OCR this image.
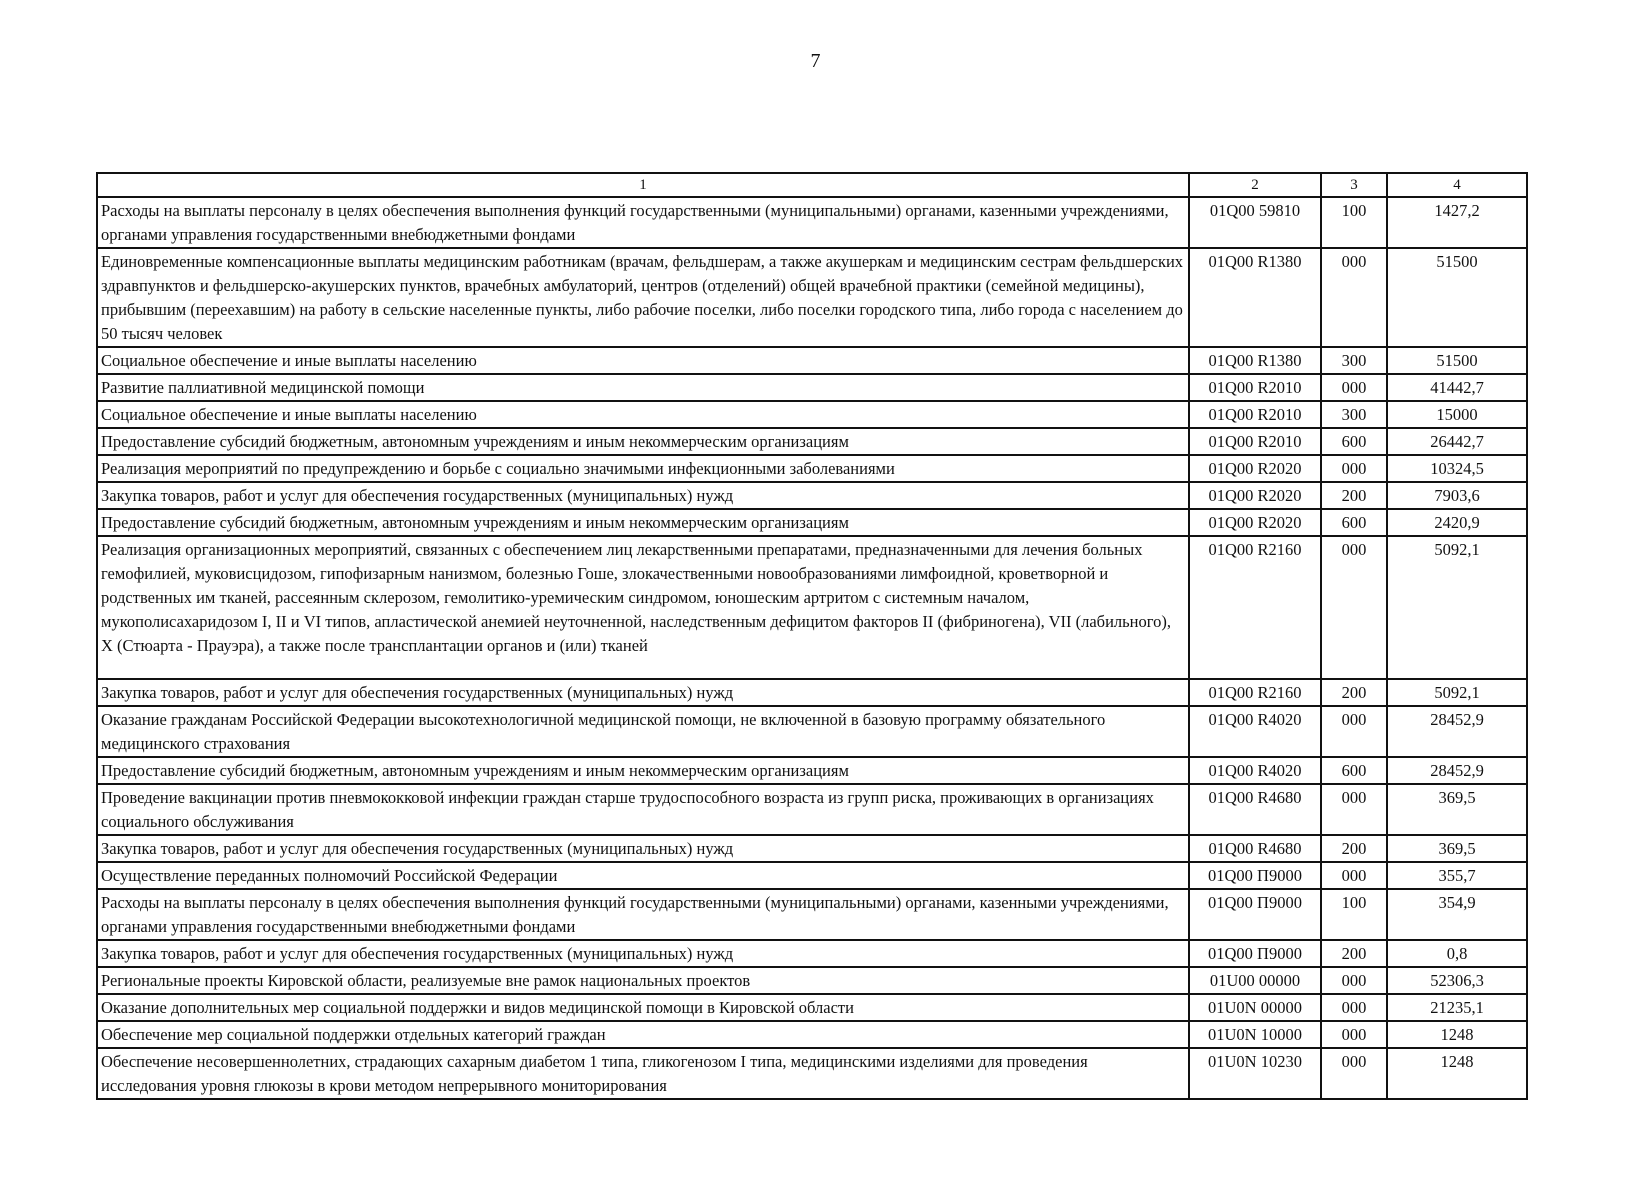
7
1	2	3	4
Расходы на выплаты персоналу в целях обеспечения выполнения функций государственными (муниципальными) органами, казенными учреждениями, органами управления государственными внебюджетными фондами	01Q00 59810	100	1427,2
Единовременные компенсационные выплаты медицинским работникам (врачам, фельдшерам, а также акушеркам и медицинским сестрам фельдшерских здравпунктов и фельдшерско-акушерских пунктов, врачебных амбулаторий, центров (отделений) общей врачебной практики (семейной медицины), прибывшим (переехавшим) на работу в сельские населенные пункты, либо рабочие поселки, либо поселки городского типа, либо города с населением до 50 тысяч человек	01Q00 R1380	000	51500
Социальное обеспечение и иные выплаты населению	01Q00 R1380	300	51500
Развитие паллиативной медицинской помощи	01Q00 R2010	000	41442,7
Социальное обеспечение и иные выплаты населению	01Q00 R2010	300	15000
Предоставление субсидий бюджетным, автономным учреждениям и иным некоммерческим организациям	01Q00 R2010	600	26442,7
Реализация мероприятий по предупреждению и борьбе с социально значимыми инфекционными заболеваниями	01Q00 R2020	000	10324,5
Закупка товаров, работ и услуг для обеспечения государственных (муниципальных) нужд	01Q00 R2020	200	7903,6
Предоставление субсидий бюджетным, автономным учреждениям и иным некоммерческим организациям	01Q00 R2020	600	2420,9
Реализация организационных мероприятий, связанных с обеспечением лиц лекарственными препаратами, предназначенными для лечения больных гемофилией, муковисцидозом, гипофизарным нанизмом, болезнью Гоше, злокачественными новообразованиями лимфоидной, кроветворной и родственных им тканей, рассеянным склерозом, гемолитико-уремическим синдромом, юношеским артритом с системным началом, мукополисахаридозом I, II и VI типов, апластической анемией неуточненной, наследственным дефицитом факторов II (фибриногена), VII (лабильного), X (Стюарта - Прауэра), а также после трансплантации органов и (или) тканей	01Q00 R2160	000	5092,1
Закупка товаров, работ и услуг для обеспечения государственных (муниципальных) нужд	01Q00 R2160	200	5092,1
Оказание гражданам Российской Федерации высокотехнологичной медицинской помощи, не включенной в базовую программу обязательного медицинского страхования	01Q00 R4020	000	28452,9
Предоставление субсидий бюджетным, автономным учреждениям и иным некоммерческим организациям	01Q00 R4020	600	28452,9
Проведение вакцинации против пневмококковой инфекции граждан старше трудоспособного возраста из групп риска, проживающих в организациях социального обслуживания	01Q00 R4680	000	369,5
Закупка товаров, работ и услуг для обеспечения государственных (муниципальных) нужд	01Q00 R4680	200	369,5
Осуществление переданных полномочий Российской Федерации	01Q00 П9000	000	355,7
Расходы на выплаты персоналу в целях обеспечения выполнения функций государственными (муниципальными) органами, казенными учреждениями, органами управления государственными внебюджетными фондами	01Q00 П9000	100	354,9
Закупка товаров, работ и услуг для обеспечения государственных (муниципальных) нужд	01Q00 П9000	200	0,8
Региональные проекты Кировской области, реализуемые вне рамок национальных проектов	01U00 00000	000	52306,3
Оказание дополнительных мер социальной поддержки и видов медицинской помощи в Кировской области	01U0N 00000	000	21235,1
Обеспечение мер социальной поддержки отдельных категорий граждан	01U0N 10000	000	1248
Обеспечение несовершеннолетних, страдающих сахарным диабетом 1 типа, гликогенозом I типа, медицинскими изделиями для проведения исследования уровня глюкозы в крови методом непрерывного мониторирования	01U0N 10230	000	1248
